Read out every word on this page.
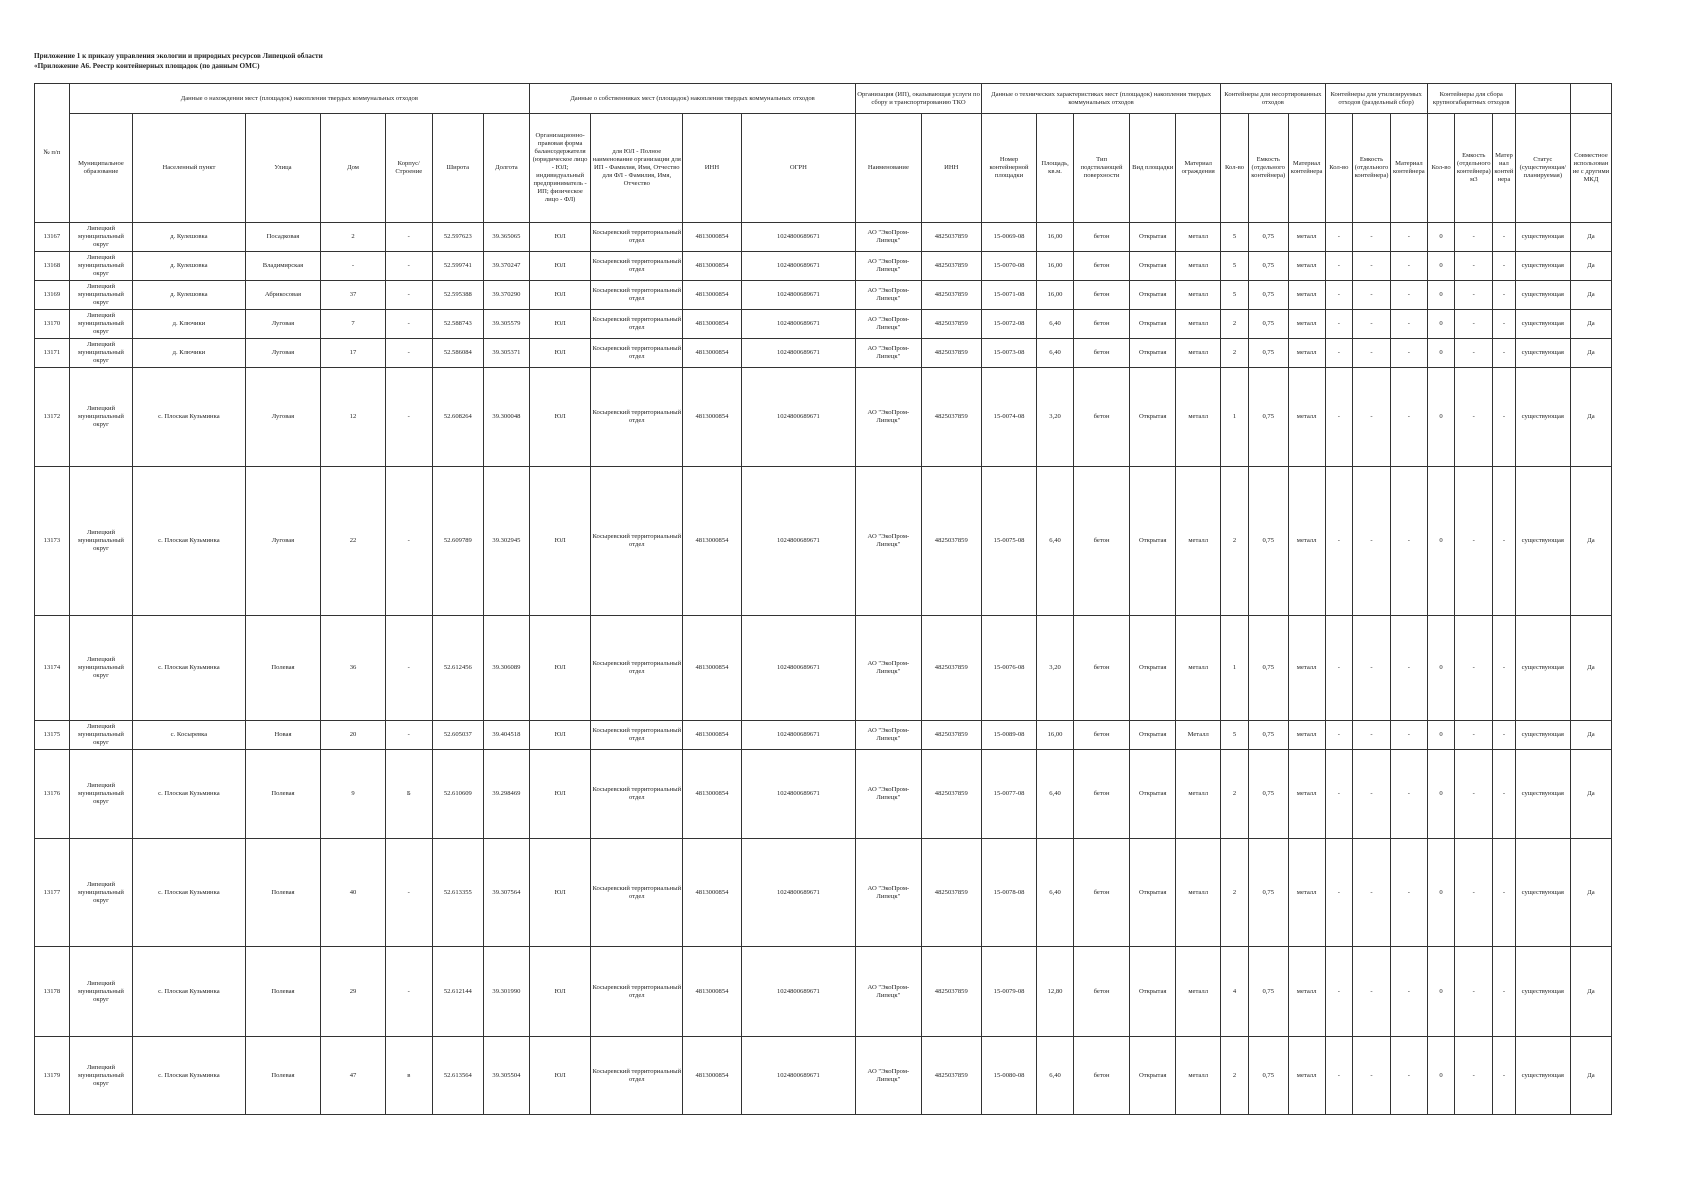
Приложение 1 к приказу управления экологии и природных ресурсов Липецкой области
«Приложение А6. Реестр контейнерных площадок (по данным ОМС)
№ п/п	Данные о нахождении мест (площадок) накопления твердых коммунальных отходов							Данные о собственниках мест (площадок) накопления твердых коммунальных отходов				Организация (ИП), оказывающая услуги по сбору и транспортированию ТКО		Данные о технических характеристиках мест (площадок) накопления твердых коммунальных отходов					Контейнеры для несортированных отходов			Контейнеры для утилизируемых отходов (раздельный сбор)			Контейнеры для сбора крупногабаритных отходов				
	Муниципальное образование	Населенный пункт	Улица	Дом	Корпус/Строение	Широта	Долгота	Организационно-правовая форма балансодержателя (юридическое лицо - ЮЛ; индивидуальный предприниматель - ИП; физическое лицо - ФЛ)	для ЮЛ - Полное наименование организации для ИП - Фамилия, Имя, Отчество для ФЛ - Фамилия, Имя, Отчество	ИНН	ОГРН	Наименование	ИНН	Номер контейнерной площадки	Площадь, кв.м.	Тип подстилающей поверхности	Вид площадки	Материал ограждения	Кол-во	Емкость (отдельного контейнера)	Материал контейнера	Кол-во	Емкость (отдельного контейнера)	Материал контейнера	Кол-во	Емкость (отдельного контейнера) м3	Материал контейнера	Статус (существующая/планируемая)	Совместное использование с другими МКД
13167	Липецкий муниципальный округ	д. Кулешовка	Посадковая	2	-	52.597623	39.365065	ЮЛ	Косыревский территориальный отдел	4813000854	1024800689671	АО "ЭкоПром-Липецк"	4825037859	15-0069-08	16,00	бетон	Открытая	металл	5	0,75	металл	-	-	-	0	-	-	существующая	Да
13168	Липецкий муниципальный округ	д. Кулешовка	Владимирская	-	-	52.599741	39.370247	ЮЛ	Косыревский территориальный отдел	4813000854	1024800689671	АО "ЭкоПром-Липецк"	4825037859	15-0070-08	16,00	бетон	Открытая	металл	5	0,75	металл	-	-	-	0	-	-	существующая	Да
13169	Липецкий муниципальный округ	д. Кулешовка	Абрикосовая	37	-	52.595388	39.370290	ЮЛ	Косыревский территориальный отдел	4813000854	1024800689671	АО "ЭкоПром-Липецк"	4825037859	15-0071-08	16,00	бетон	Открытая	металл	5	0,75	металл	-	-	-	0	-	-	существующая	Да
13170	Липецкий муниципальный округ	д. Ключики	Луговая	7	-	52.588743	39.305579	ЮЛ	Косыревский территориальный отдел	4813000854	1024800689671	АО "ЭкоПром-Липецк"	4825037859	15-0072-08	6,40	бетон	Открытая	металл	2	0,75	металл	-	-	-	0	-	-	существующая	Да
13171	Липецкий муниципальный округ	д. Ключики	Луговая	17	-	52.586084	39.305371	ЮЛ	Косыревский территориальный отдел	4813000854	1024800689671	АО "ЭкоПром-Липецк"	4825037859	15-0073-08	6,40	бетон	Открытая	металл	2	0,75	металл	-	-	-	0	-	-	существующая	Да
13172	Липецкий муниципальный округ	с. Плоская Кузьминка	Луговая	12	-	52.608264	39.300048	ЮЛ	Косыревский территориальный отдел	4813000854	1024800689671	АО "ЭкоПром-Липецк"	4825037859	15-0074-08	3,20	бетон	Открытая	металл	1	0,75	металл	-	-	-	0	-	-	существующая	Да
13173	Липецкий муниципальный округ	с. Плоская Кузьминка	Луговая	22	-	52.609789	39.302945	ЮЛ	Косыревский территориальный отдел	4813000854	1024800689671	АО "ЭкоПром-Липецк"	4825037859	15-0075-08	6,40	бетон	Открытая	металл	2	0,75	металл	-	-	-	0	-	-	существующая	Да
13174	Липецкий муниципальный округ	с. Плоская Кузьминка	Полевая	36	-	52.612456	39.306089	ЮЛ	Косыревский территориальный отдел	4813000854	1024800689671	АО "ЭкоПром-Липецк"	4825037859	15-0076-08	3,20	бетон	Открытая	металл	1	0,75	металл	-	-	-	0	-	-	существующая	Да
13175	Липецкий муниципальный округ	с. Косыревка	Новая	20	-	52.605037	39.404518	ЮЛ	Косыревский территориальный отдел	4813000854	1024800689671	АО "ЭкоПром-Липецк"	4825037859	15-0089-08	16,00	бетон	Открытая	Металл	5	0,75	металл	-	-	-	0	-	-	существующая	Да
13176	Липецкий муниципальный округ	с. Плоская Кузьминка	Полевая	9	Б	52.610609	39.298469	ЮЛ	Косыревский территориальный отдел	4813000854	1024800689671	АО "ЭкоПром-Липецк"	4825037859	15-0077-08	6,40	бетон	Открытая	металл	2	0,75	металл	-	-	-	0	-	-	существующая	Да
13177	Липецкий муниципальный округ	с. Плоская Кузьминка	Полевая	40	-	52.613355	39.307564	ЮЛ	Косыревский территориальный отдел	4813000854	1024800689671	АО "ЭкоПром-Липецк"	4825037859	15-0078-08	6,40	бетон	Открытая	металл	2	0,75	металл	-	-	-	0	-	-	существующая	Да
13178	Липецкий муниципальный округ	с. Плоская Кузьминка	Полевая	29	-	52.612144	39.301990	ЮЛ	Косыревский территориальный отдел	4813000854	1024800689671	АО "ЭкоПром-Липецк"	4825037859	15-0079-08	12,80	бетон	Открытая	металл	4	0,75	металл	-	-	-	0	-	-	существующая	Да
13179	Липецкий муниципальный округ	с. Плоская Кузьминка	Полевая	47	в	52.613564	39.305504	ЮЛ	Косыревский территориальный отдел	4813000854	1024800689671	АО "ЭкоПром-Липецк"	4825037859	15-0080-08	6,40	бетон	Открытая	металл	2	0,75	металл	-	-	-	0	-	-	существующая	Да
